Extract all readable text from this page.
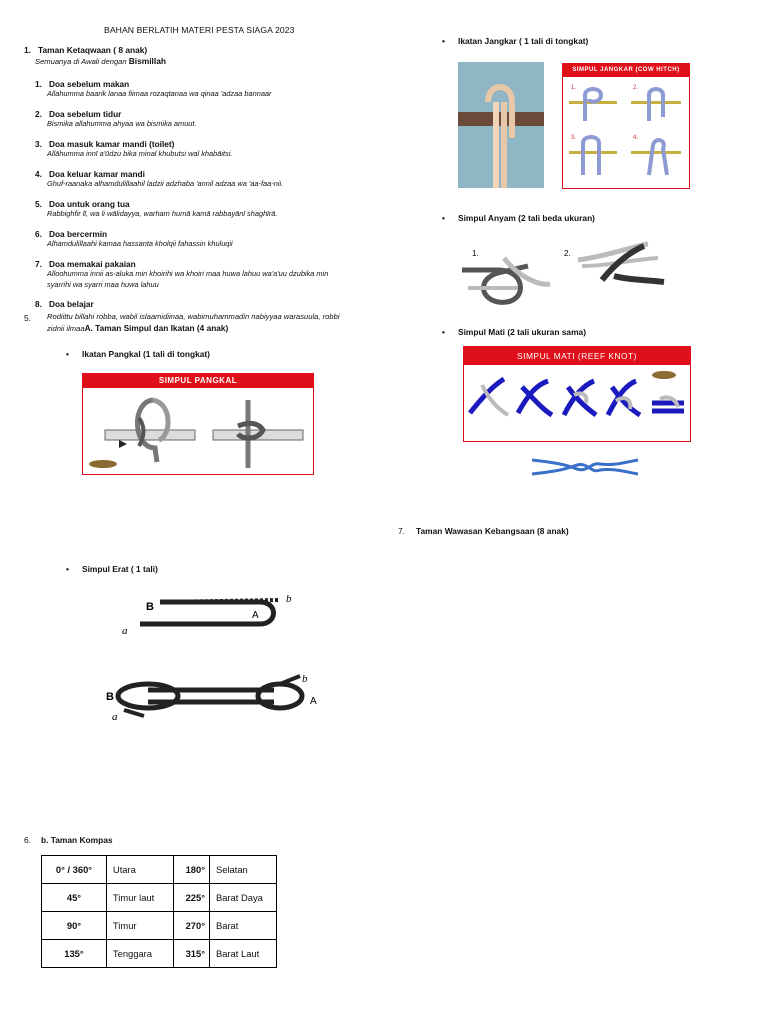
BAHAN BERLATIH MATERI PESTA SIAGA 2023
1. Taman Ketaqwaan ( 8 anak)
Semuanya di Awali dengan Bismillah
1. Doa sebelum makan
Allahumma baarik lanaa fiimaa rozaqtanaa wa qinaa 'adzaa bannaar
2. Doa sebelum tidur
Bismika allahumma ahyaa wa bismika amuut.
3. Doa masuk kamar mandi (toilet)
Allāhumma innī a'ūdzu bika minal khubutsi wal khabāitsi.
4. Doa keluar kamar mandi
Ghuf-raanaka alhamdulillaahil ladzii adzhaba 'annil adzaa wa 'aa-faa-nii.
5. Doa untuk orang tua
Rabbighfir lī, wa li wālidayya, warham humā kamā rabbayānī shaghīrā.
6. Doa bercermin
Alhamdulillaahi kamaa hassanta kholqii fahassin khuluqii
7. Doa memakai pakaian
Alloohumma innii as-aluka min khoirihi wa khoiri maa huwa lahuu wa'a'uu dzubika min
syarrihi wa syarri maa huwa lahuu
8. Doa belajar
5. Rodiittu billahi robba, wabil islaamidiinaa, wabimuhammadin nabiyyaa warasuula, robbi
zidnii ilmaaA. Taman Simpul dan Ikatan (4 anak)
• Ikatan Pangkal (1 tali di tongkat)
SIMPUL PANGKAL
• Simpul Erat ( 1 tali)
B
b
a
A
B
b
a
A
• Ikatan Jangkar ( 1 tali di tongkat)
SIMPUL JANGKAR (COW HITCH)
1.	2.
3.	4.
• Simpul Anyam (2 tali beda ukuran)
1.	2.
• Simpul Mati (2 tali ukuran sama)
SIMPUL MATI (REEF KNOT)
7. Taman Wawasan Kebangsaan (8 anak)
6. b. Taman Kompas
0° / 360°	Utara	180°	Selatan
45°	Timur laut	225°	Barat Daya
90°	Timur	270°	Barat
135°	Tenggara	315°	Barat Laut
